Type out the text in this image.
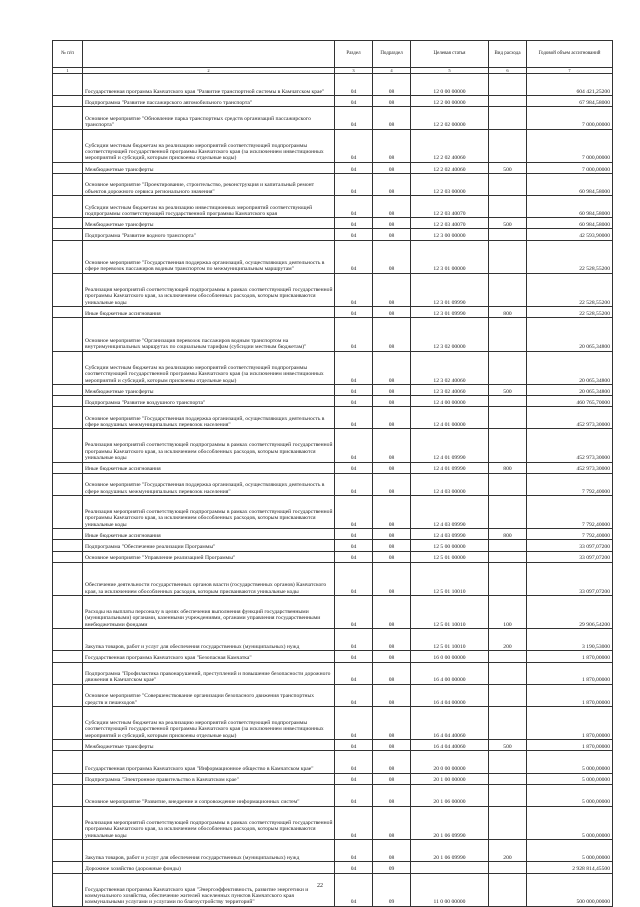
№ п/п		Раздел	Подраздел	Целевая статья	Вид расхода	Годовой объем ассигнований
1	2	3	4	5	6	7
	Государственная программа Камчатского края "Развитие транспортной системы в Камчатском крае"	04	08	12 0 00 00000		604 421,25200
	Подпрограмма "Развитие пассажирского автомобильного транспорта"	04	08	12 2 00 00000		67 984,58000
	Основное мероприятие "Обновление парка транспортных средств организаций пассажирского транспорта"	04	08	12 2 02 00000		7 000,00000
	Субсидии местным бюджетам на реализацию мероприятий соответствующей подпрограммы соответствующей государственной программы Камчатского края (за исключением инвестиционных мероприятий и субсидий, которым присвоены отдельные коды)	04	08	12 2 02 40060		7 000,00000
	Межбюджетные трансферты	04	08	12 2 02 40060	500	7 000,00000
	Основное мероприятие "Проектирование, строительство, реконструкция и капитальный ремонт объектов дорожного сервиса регионального значения"	04	08	12 2 03 00000		60 984,58000
	Субсидии местным бюджетам на реализацию инвестиционных мероприятий соответствующей подпрограммы соответствующей государственной программы Камчатского края	04	08	12 2 03 40070		60 984,58000
	Межбюджетные трансферты	04	08	12 2 03 40070	500	60 984,58000
	Подпрограмма "Развитие водного транспорта"	04	08	12 3 00 00000		42 593,90000
	Основное мероприятие "Государственная поддержка организаций, осуществляющих деятельность в сфере перевозок пассажиров водным транспортом по межмуниципальным маршрутам"	04	08	12 3 01 00000		22 528,55200
	Реализация мероприятий соответствующей подпрограммы в рамках соответствующей государственной программы Камчатского края, за исключением обособленных расходов, которым присваиваются уникальные коды	04	08	12 3 01 09990		22 528,55200
	Иные бюджетные ассигнования	04	08	12 3 01 09990	800	22 528,55200
	Основное мероприятие "Организация перевозок пассажиров водным транспортом на внутримуниципальных маршрутах по социальным тарифам (субсидии местным бюджетам)"	04	08	12 3 02 00000		20 065,34800
	Субсидии местным бюджетам на реализацию мероприятий соответствующей подпрограммы соответствующей государственной программы Камчатского края (за исключением инвестиционных мероприятий и субсидий, которым присвоены отдельные коды)	04	08	12 3 02 40060		20 065,34800
	Межбюджетные трансферты	04	08	12 3 02 40060	500	20 065,34800
	Подпрограмма "Развитие воздушного транспорта"	04	08	12 4 00 00000		460 765,70000
	Основное мероприятие "Государственная поддержка организаций, осуществляющих деятельность в сфере воздушных межмуниципальных перевозок населения"	04	08	12 4 01 00000		452 973,30000
	Реализация мероприятий соответствующей подпрограммы в рамках соответствующей государственной программы Камчатского края, за исключением обособленных расходов, которым присваиваются уникальные коды	04	08	12 4 01 09990		452 973,30000
	Иные бюджетные ассигнования	04	08	12 4 01 09990	800	452 973,30000
	Основное мероприятие "Государственная поддержка организаций, осуществляющих деятельность в сфере воздушных межмуниципальных перевозок населения"	04	08	12 4 03 00000		7 792,40000
	Реализация мероприятий соответствующей подпрограммы в рамках соответствующей государственной программы Камчатского края, за исключением обособленных расходов, которым присваиваются уникальные коды	04	08	12 4 03 09990		7 792,40000
	Иные бюджетные ассигнования	04	08	12 4 03 09990	800	7 792,40000
	Подпрограмма "Обеспечение реализации Программы"	04	08	12 5 00 00000		33 097,07200
	Основное мероприятие "Управление реализацией Программы"	04	08	12 5 01 00000		33 097,07200
	Обеспечение деятельности государственных органов власти (государственных органов) Камчатского края, за исключением обособленных расходов, которым присваиваются уникальные коды	04	08	12 5 01 10010		33 097,07200
	Расходы на выплаты персоналу в целях обеспечения выполнения функций государственными (муниципальными) органами, казенными учреждениями, органами управления государственными внебюджетными фондами	04	08	12 5 01 10010	100	29 906,54200
	Закупка товаров, работ и услуг для обеспечения государственных (муниципальных) нужд	04	08	12 5 01 10010	200	3 190,53000
	Государственная программа Камчатского края "Безопасная Камчатка"	04	08	16 0 00 00000		1 870,00000
	Подпрограмма "Профилактика правонарушений, преступлений и повышение безопасности дорожного движения в Камчатском крае"	04	08	16 4 00 00000		1 870,00000
	Основное мероприятие "Совершенствование организации безопасного движения транспортных средств и пешеходов"	04	08	16 4 04 00000		1 870,00000
	Субсидии местным бюджетам на реализацию мероприятий соответствующей подпрограммы соответствующей государственной программы Камчатского края (за исключением инвестиционных мероприятий и субсидий, которым присвоены отдельные коды)	04	08	16 4 04 40060		1 870,00000
	Межбюджетные трансферты	04	08	16 4 04 40060	500	1 870,00000
	Государственная программа Камчатского края "Информационное общество в Камчатском крае"	04	08	20 0 00 00000		5 000,00000
	Подпрограмма "Электронное правительство в Камчатском крае"	04	08	20 1 00 00000		5 000,00000
	Основное мероприятие "Развитие, внедрение и сопровождение информационных систем"	04	08	20 1 06 00000		5 000,00000
	Реализация мероприятий соответствующей подпрограммы в рамках соответствующей государственной программы Камчатского края, за исключением обособленных расходов, которым присваиваются уникальные коды	04	08	20 1 06 09990		5 000,00000
	Закупка товаров, работ и услуг для обеспечения государственных (муниципальных) нужд	04	08	20 1 06 09990	200	5 000,00000
	Дорожное хозяйство (дорожные фонды)	04	09			2 928 814,45500
	Государственная программа Камчатского края "Энергоэффективность, развитие энергетики и коммунального хозяйства, обеспечение жителей населенных пунктов Камчатского края коммунальными услугами и услугами по благоустройству территорий"	04	09	11 0 00 00000		500 000,00000
22
